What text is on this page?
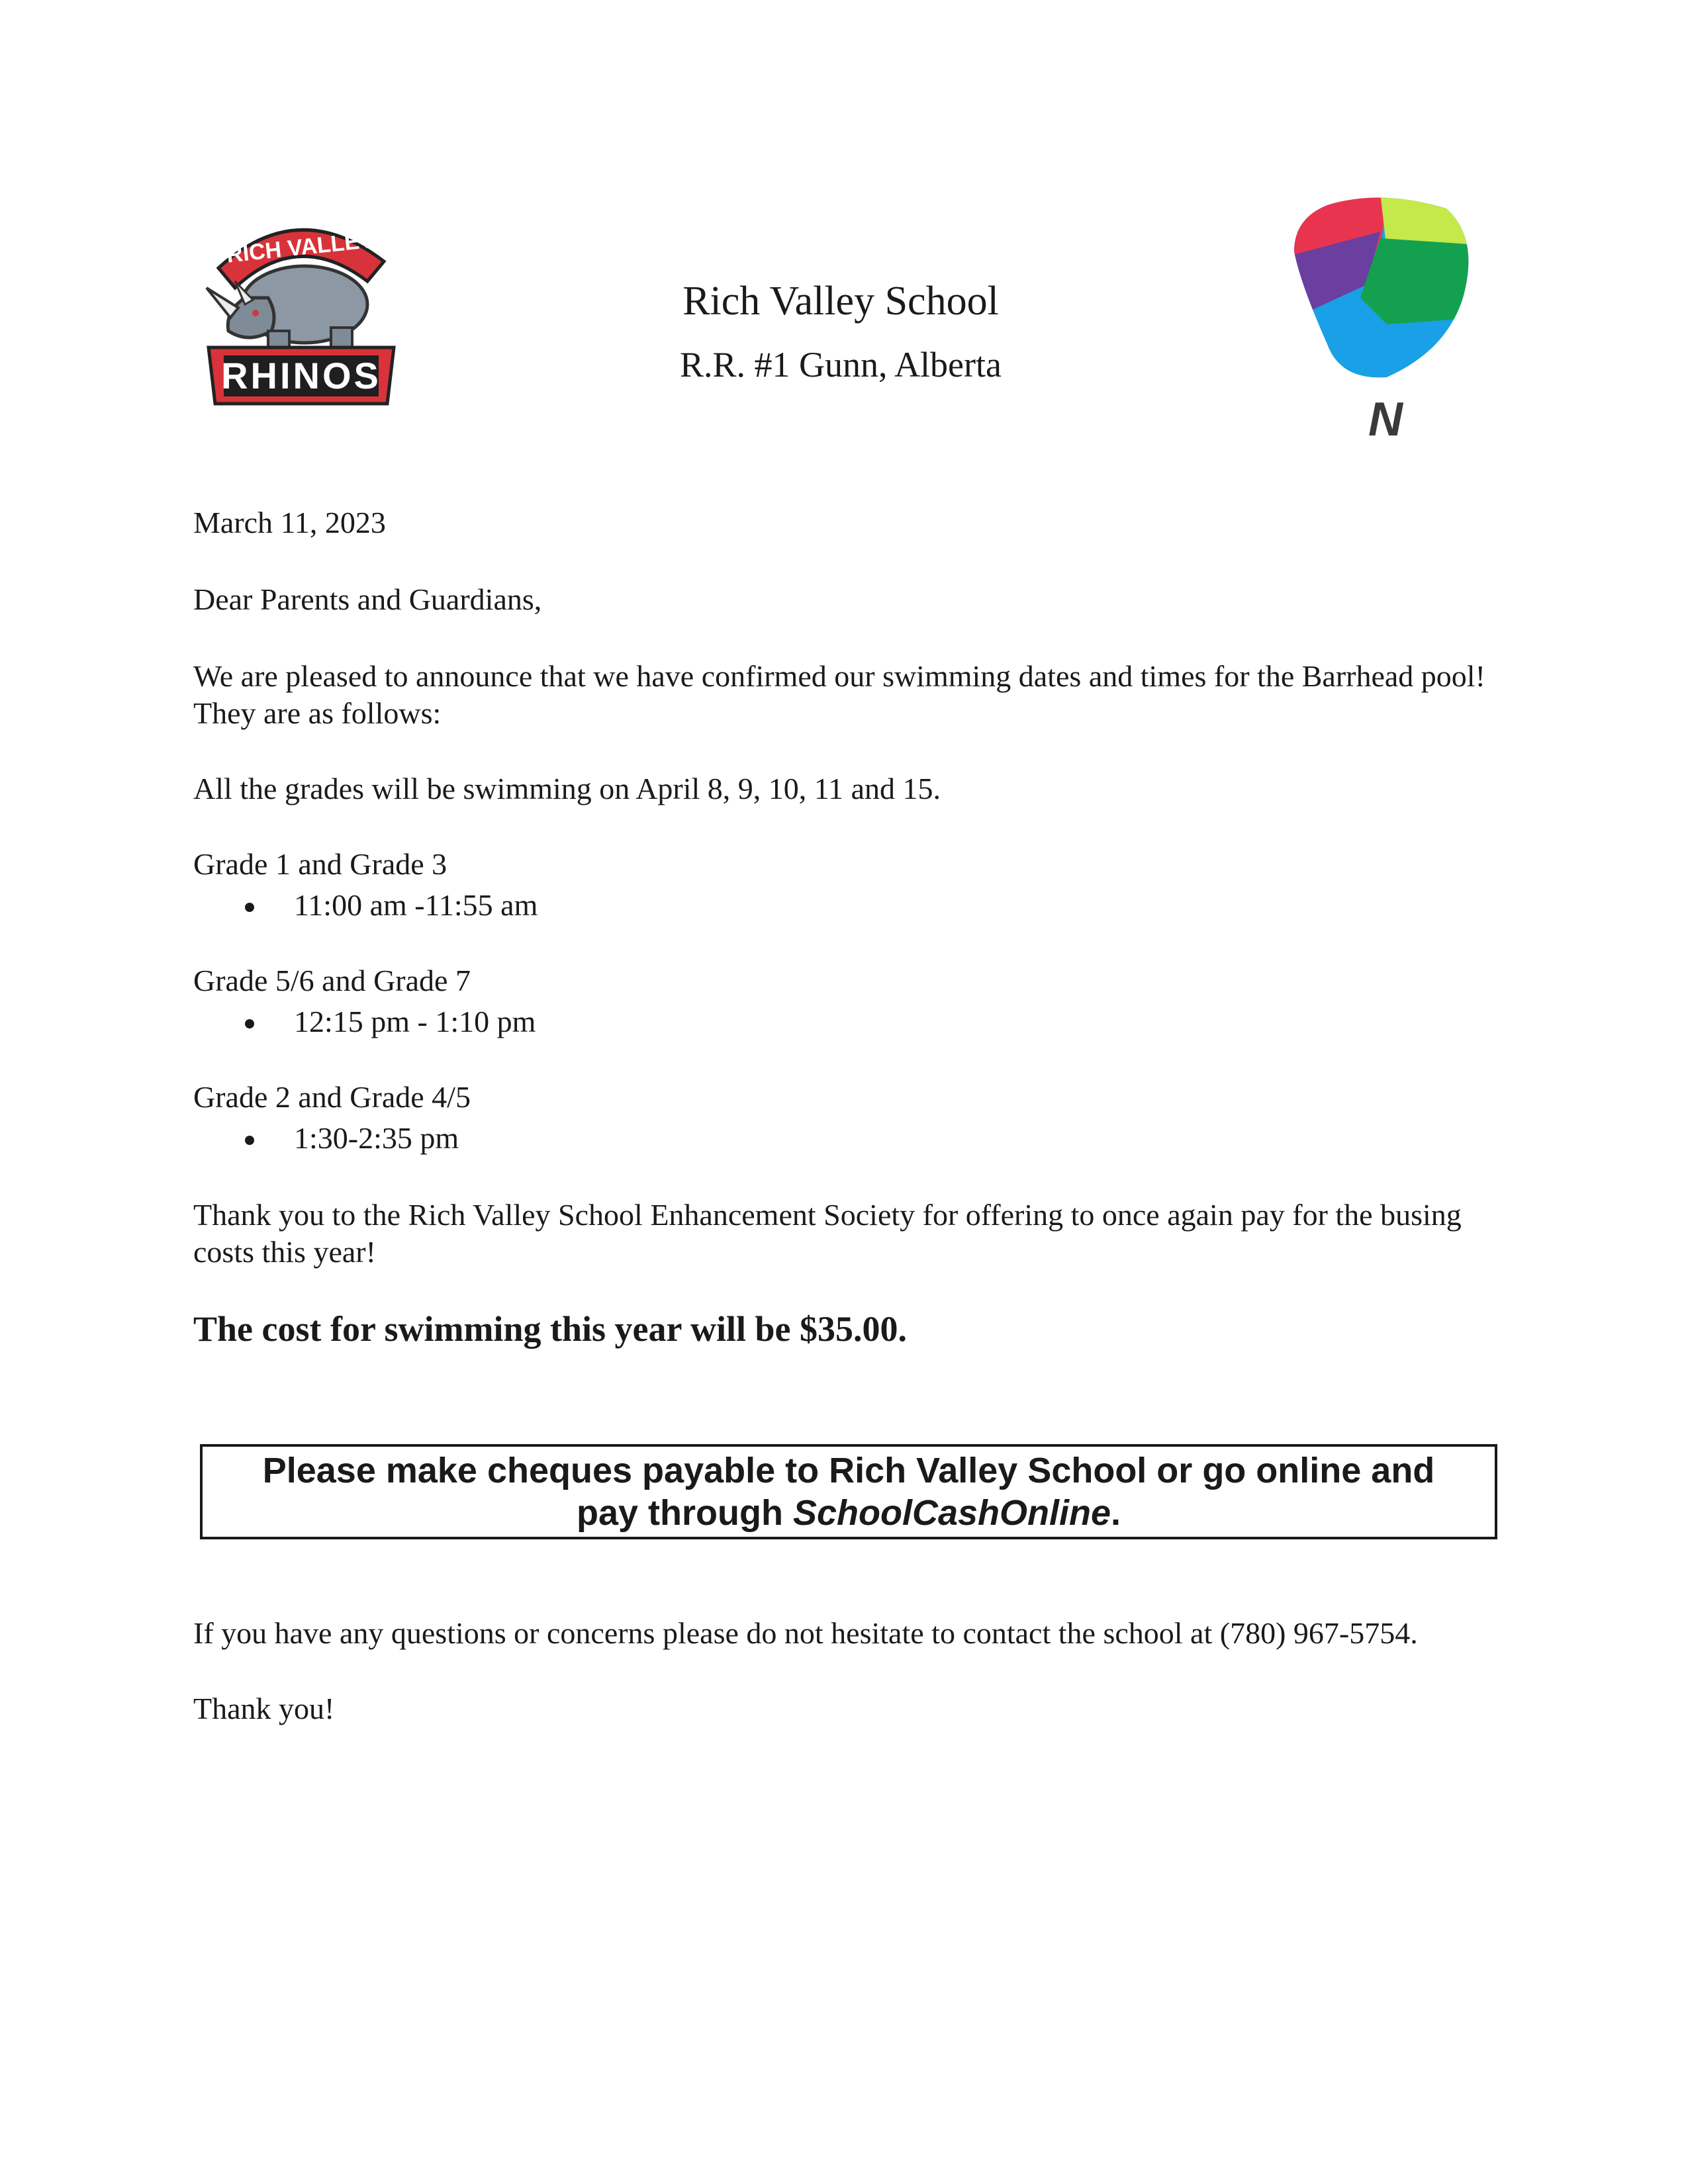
RHINOS
RICH VALLEY
Rich Valley School
R.R. #1 Gunn, Alberta
N

March 11, 2023

Dear Parents and Guardians,

We are pleased to announce that we have confirmed our swimming dates and times for the Barrhead pool! They are as follows:

All the grades will be swimming on April 8, 9, 10, 11 and 15.

Grade 1 and Grade 3

11:00 am -11:55 am

Grade 5/6 and Grade 7

12:15 pm - 1:10 pm

Grade 2 and Grade 4/5

1:30-2:35 pm

Thank you to the Rich Valley School Enhancement Society for offering to once again pay for the busing costs this year!

The cost for swimming this year will be $35.00.

Please make cheques payable to Rich Valley School or go online and
pay through SchoolCashOnline.

If you have any questions or concerns please do not hesitate to contact the school at (780) 967-5754.

Thank you!
